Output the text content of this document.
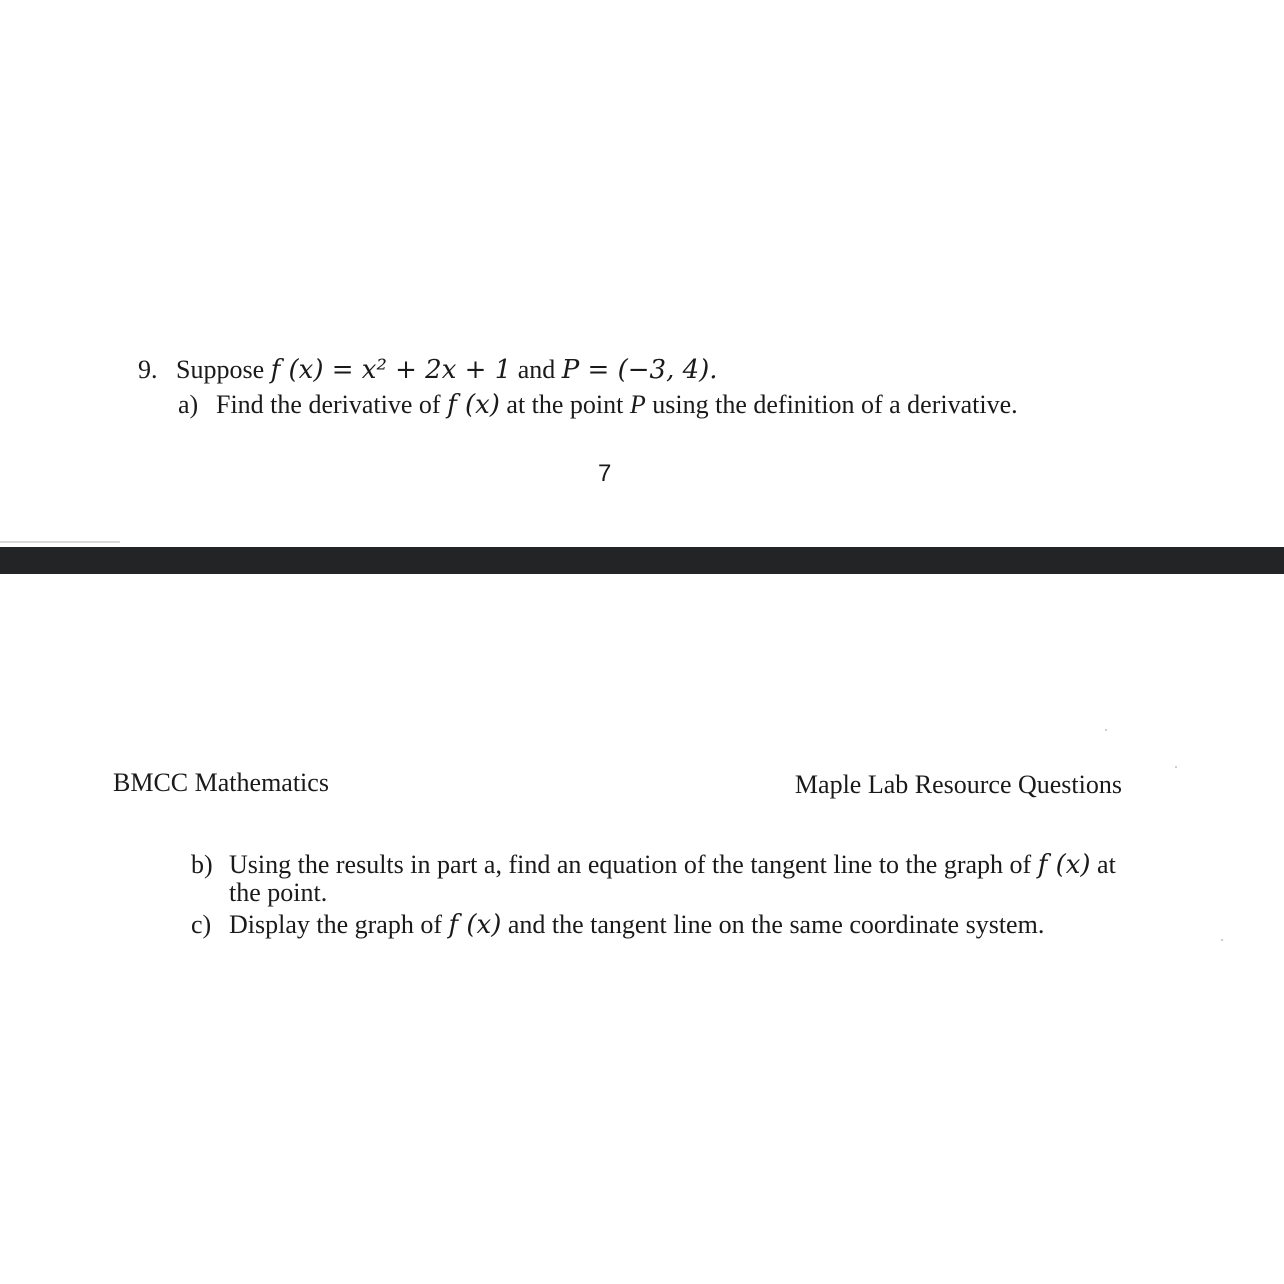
9. Suppose f (x) = x² + 2x + 1 and P = (−3, 4).
a) Find the derivative of f (x) at the point P using the definition of a derivative.
7
BMCC Mathematics	Maple Lab Resource Questions
b) Using the results in part a, find an equation of the tangent line to the graph of f (x) at
the point.
c) Display the graph of f (x) and the tangent line on the same coordinate system.
